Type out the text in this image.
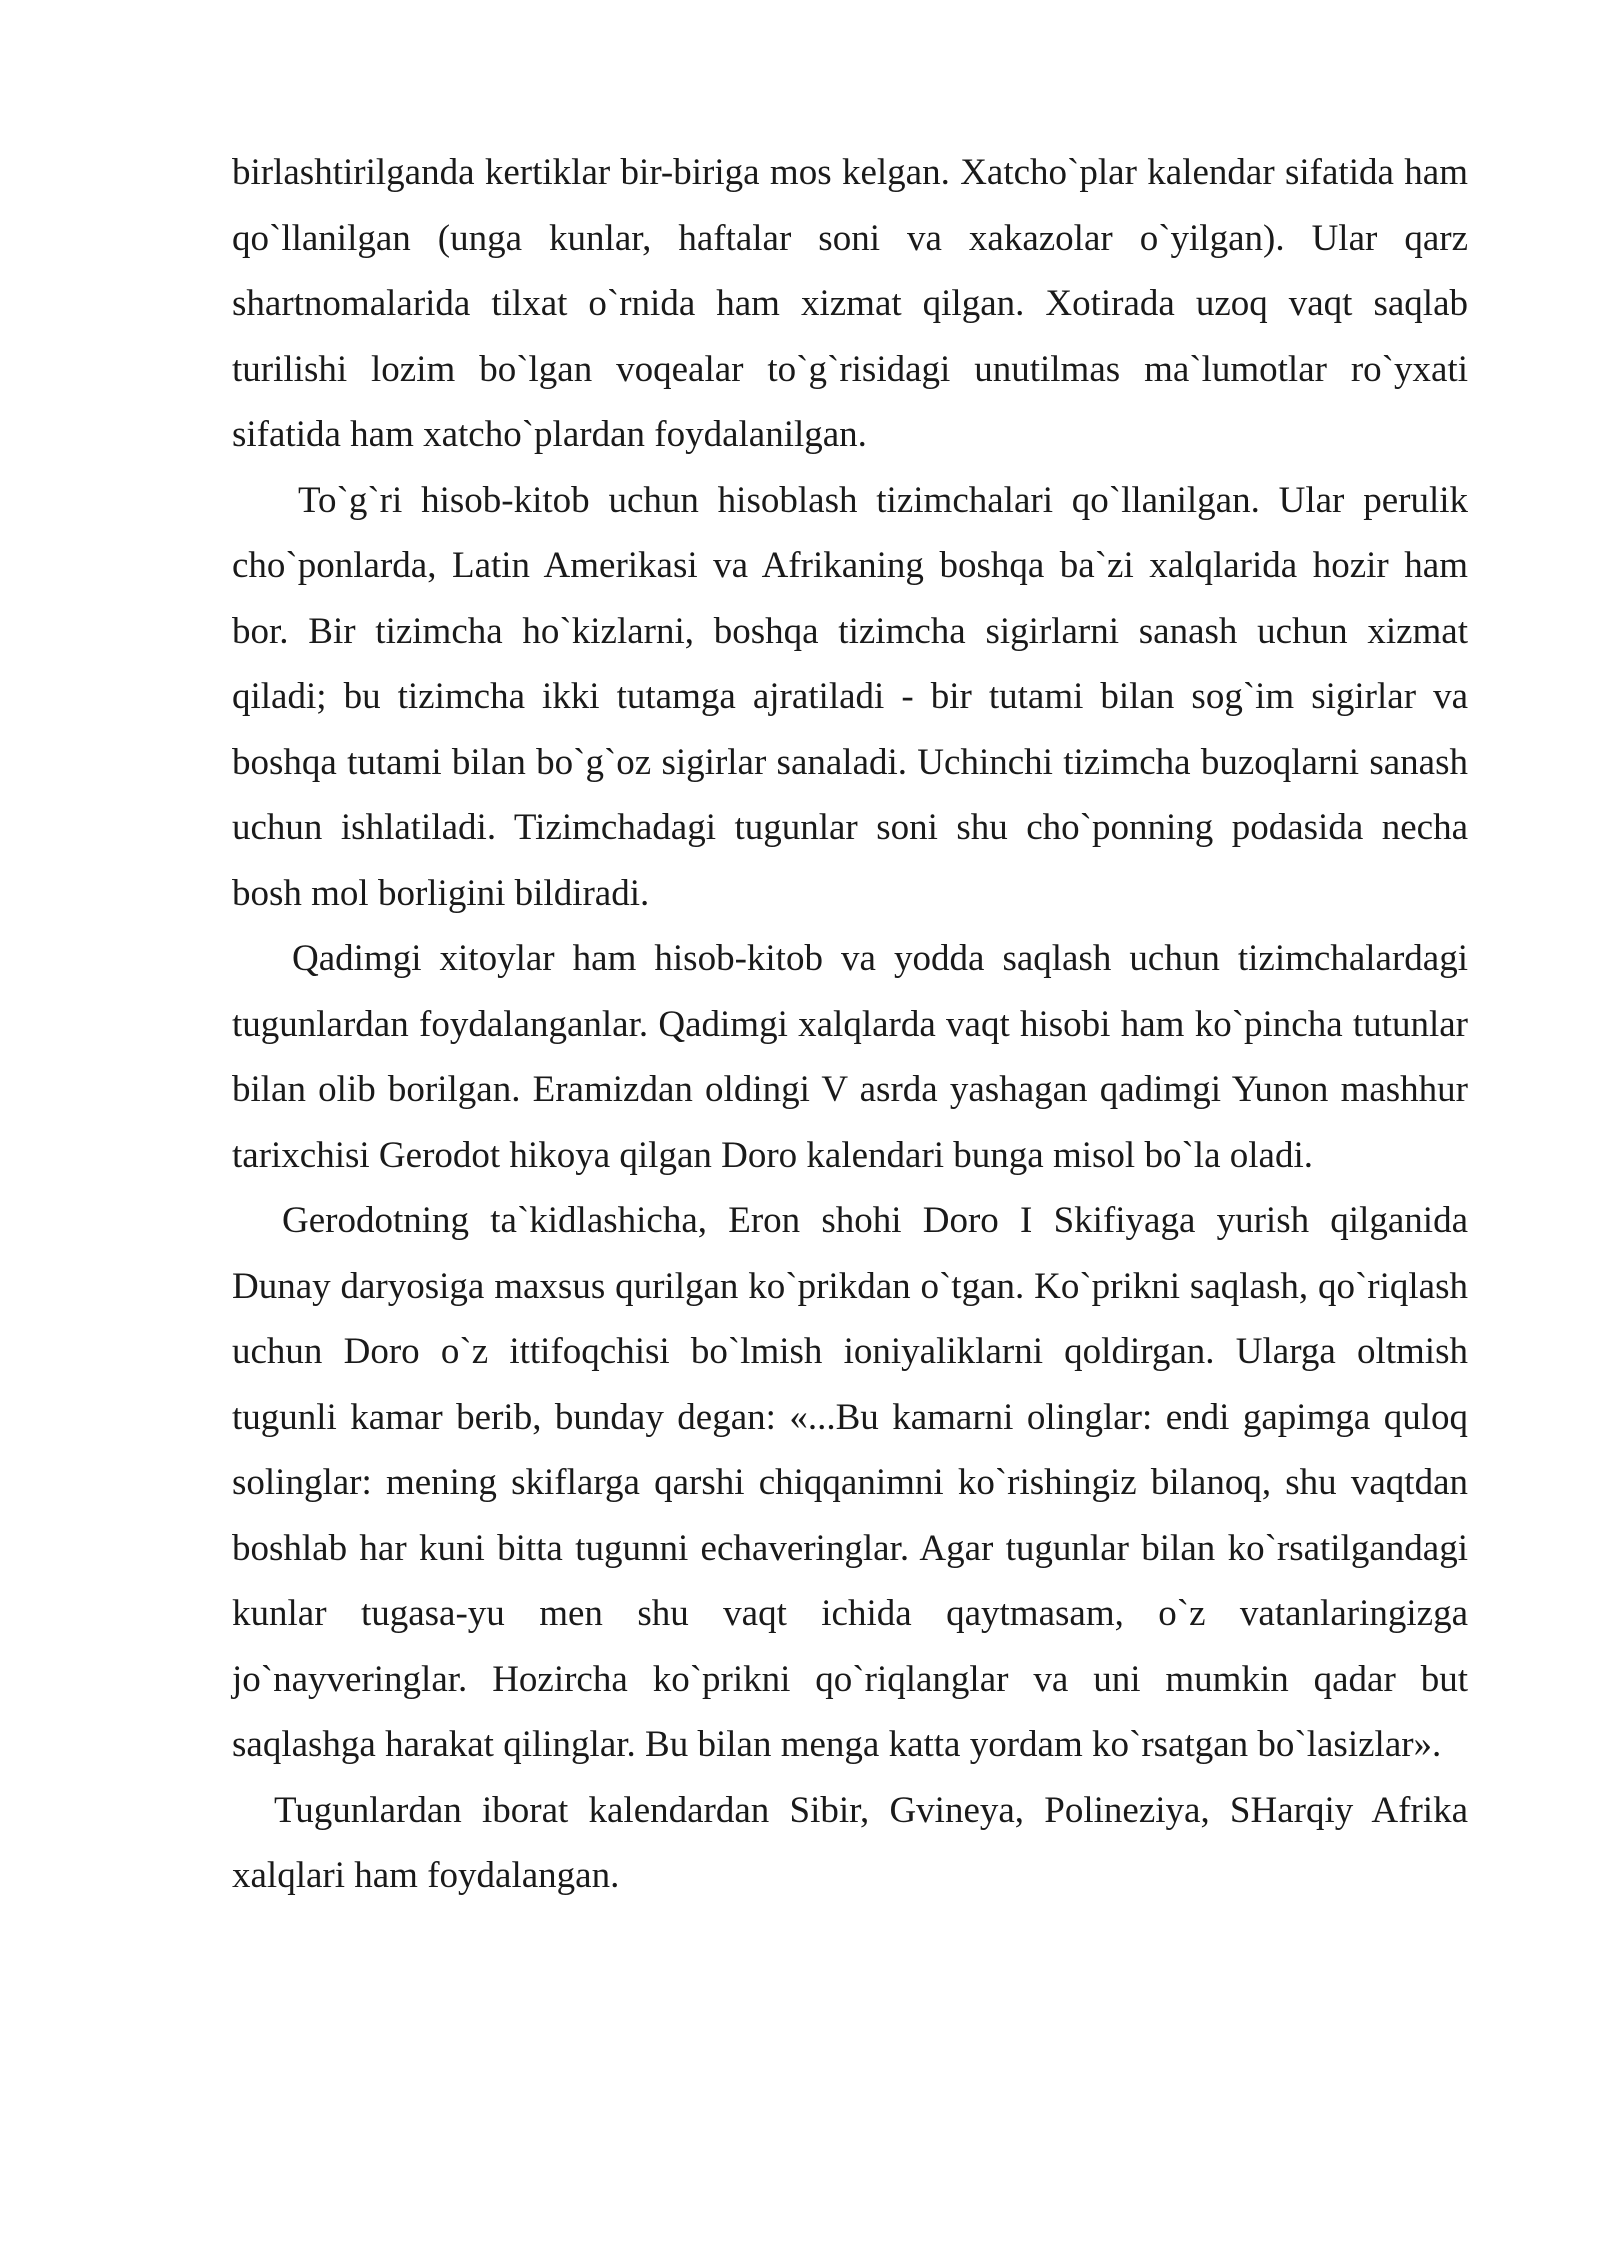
birlashtirilganda kertiklar bir-biriga mos kelgan. Xatcho`plar kalendar sifatida ham qo`llanilgan (unga kunlar, haftalar soni va xakazolar o`yilgan). Ular qarz shartnomalarida tilxat o`rnida ham xizmat qilgan. Xotirada uzoq vaqt saqlab turilishi lozim bo`lgan voqealar to`g`risidagi unutilmas ma`lumotlar ro`yxati sifatida ham xatcho`plardan foydalanilgan.

To`g`ri hisob-kitob uchun hisoblash tizimchalari qo`llanilgan. Ular perulik cho`ponlarda, Latin Amerikasi va Afrikaning boshqa ba`zi xalqlarida hozir ham bor. Bir tizimcha ho`kizlarni, boshqa tizimcha sigirlarni sanash uchun xizmat qiladi; bu tizimcha ikki tutamga ajratiladi - bir tutami bilan sog`im sigirlar va boshqa tutami bilan bo`g`oz sigirlar sanaladi. Uchinchi tizimcha buzoqlarni sanash uchun ishlatiladi. Tizimchadagi tugunlar soni shu cho`ponning podasida necha bosh mol borligini bildiradi.

Qadimgi xitoylar ham hisob-kitob va yodda saqlash uchun tizimchalardagi tugunlardan foydalanganlar. Qadimgi xalqlarda vaqt hisobi ham ko`pincha tutunlar bilan olib borilgan. Eramizdan oldingi V asrda yashagan qadimgi Yunon mashhur tarixchisi Gerodot hikoya qilgan Doro kalendari bunga misol bo`la oladi.

Gerodotning ta`kidlashicha, Eron shohi Doro I Skifiyaga yurish qilganida Dunay daryosiga maxsus qurilgan ko`prikdan o`tgan. Ko`prikni saqlash, qo`riqlash uchun Doro o`z ittifoqchisi bo`lmish ioniyaliklarni qoldirgan. Ularga oltmish tugunli kamar berib, bunday degan: «...Bu kamarni olinglar: endi gapimga quloq solinglar: mening skiflarga qarshi chiqqanimni ko`rishingiz bilanoq, shu vaqtdan boshlab har kuni bitta tugunni echaveringlar. Agar tugunlar bilan ko`rsatilgandagi kunlar tugasa-yu men shu vaqt ichida qaytmasam, o`z vatanlaringizga jo`nayveringlar. Hozircha ko`prikni qo`riqlanglar va uni mumkin qadar but saqlashga harakat qilinglar. Bu bilan menga katta yordam ko`rsatgan bo`lasizlar».

Tugunlardan iborat kalendardan Sibir, Gvineya, Polineziya, SHarqiy Afrika xalqlari ham foydalangan.
